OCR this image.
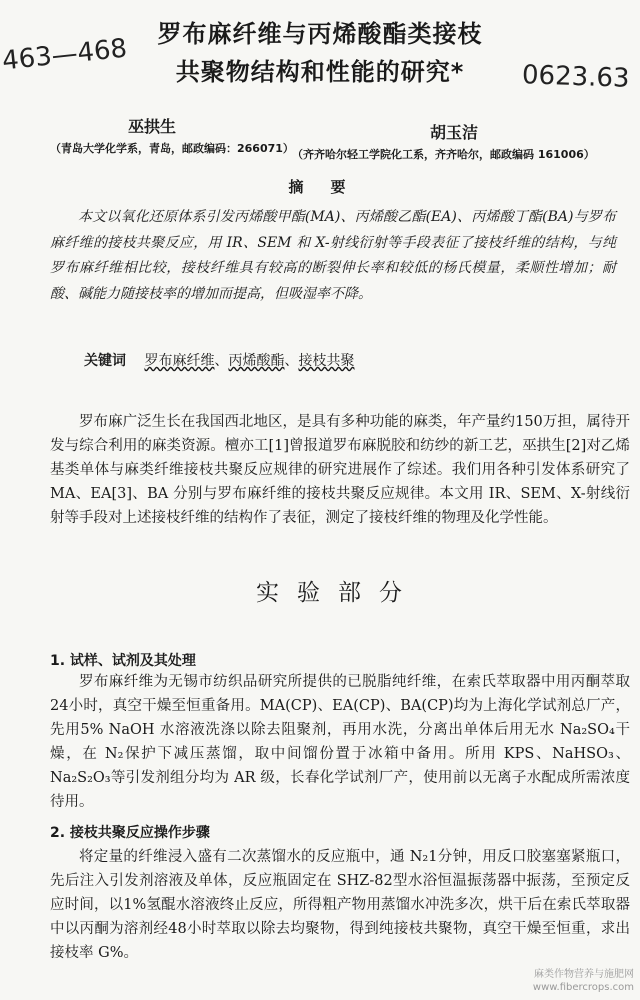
罗布麻纤维与丙烯酸酯类接枝
共聚物结构和性能的研究*
463—468
0623.63
巫拱生
（青岛大学化学系，青岛，邮政编码：266071）
胡玉洁
（齐齐哈尔轻工学院化工系，齐齐哈尔，邮政编码 161006）
摘　要
本文以氧化还原体系引发丙烯酸甲酯(MA)、丙烯酸乙酯(EA)、丙烯酸丁酯(BA)与罗布麻纤维的接枝共聚反应，用 IR、SEM 和 X-射线衍射等手段表征了接枝纤维的结构，与纯罗布麻纤维相比较，接枝纤维具有较高的断裂伸长率和较低的杨氏模量，柔顺性增加；耐酸、碱能力随接枝率的增加而提高，但吸湿率不降。
关键词 罗布麻纤维、丙烯酸酯、接枝共聚
罗布麻广泛生长在我国西北地区，是具有多种功能的麻类，年产量约150万担，属待开发与综合利用的麻类资源。檀亦工[1]曾报道罗布麻脱胶和纺纱的新工艺，巫拱生[2]对乙烯基类单体与麻类纤维接枝共聚反应规律的研究进展作了综述。我们用各种引发体系研究了 MA、EA[3]、BA 分别与罗布麻纤维的接枝共聚反应规律。本文用 IR、SEM、X-射线衍射等手段对上述接枝纤维的结构作了表征，测定了接枝纤维的物理及化学性能。
实验部分
1. 试样、试剂及其处理
罗布麻纤维为无锡市纺织品研究所提供的已脱脂纯纤维，在索氏萃取器中用丙酮萃取24小时，真空干燥至恒重备用。MA(CP)、EA(CP)、BA(CP)均为上海化学试剂总厂产，先用5% NaOH 水溶液洗涤以除去阻聚剂，再用水洗，分离出单体后用无水 Na₂SO₄干燥，在 N₂保护下减压蒸馏，取中间馏份置于冰箱中备用。所用 KPS、NaHSO₃、Na₂S₂O₃等引发剂组分均为 AR 级，长春化学试剂厂产，使用前以无离子水配成所需浓度待用。
2. 接枝共聚反应操作步骤
将定量的纤维浸入盛有二次蒸馏水的反应瓶中，通 N₂1分钟，用反口胶塞塞紧瓶口，先后注入引发剂溶液及单体，反应瓶固定在 SHZ-82型水浴恒温振荡器中振荡，至预定反应时间，以1%氢醌水溶液终止反应，所得粗产物用蒸馏水冲洗多次，烘干后在索氏萃取器中以丙酮为溶剂经48小时萃取以除去均聚物，得到纯接枝共聚物，真空干燥至恒重，求出接枝率 G%。
麻类作物营养与施肥网
www.fibercrops.com
